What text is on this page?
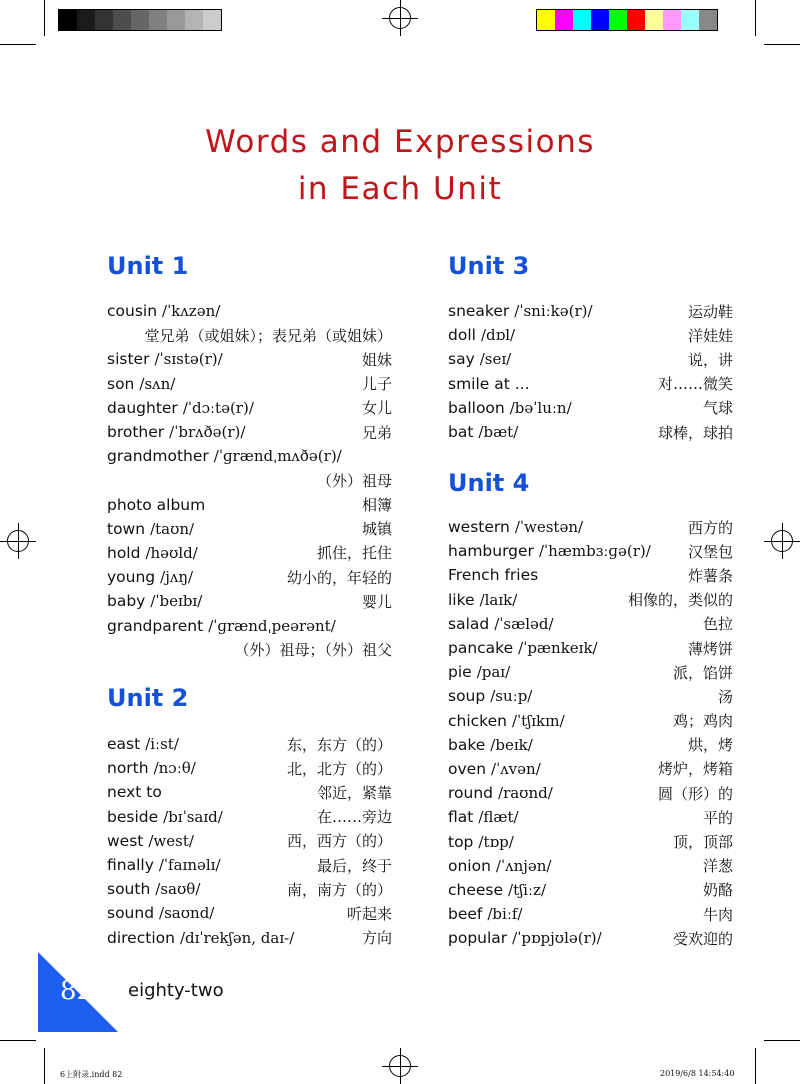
Words and Expressions
in Each Unit
Unit 1
cousin /ˈkʌzən/
堂兄弟（或姐妹）；表兄弟（或姐妹）
sister /ˈsɪstə(r)/	姐妹
son /sʌn/	儿子
daughter /ˈdɔːtə(r)/	女儿
brother /ˈbrʌðə(r)/	兄弟
grandmother /ˈɡrændˌmʌðə(r)/
（外）祖母
photo album	相簿
town /taʊn/	城镇
hold /həʊld/	抓住，托住
young /jʌŋ/	幼小的，年轻的
baby /ˈbeɪbɪ/	婴儿
grandparent /ˈɡrændˌpeərənt/
（外）祖母；（外）祖父
Unit 2
east /iːst/	东，东方（的）
north /nɔːθ/	北，北方（的）
next to	邻近，紧靠
beside /bɪˈsaɪd/	在……旁边
west /west/	西，西方（的）
finally /ˈfaɪnəlɪ/	最后，终于
south /saʊθ/	南，南方（的）
sound /saʊnd/	听起来
direction /dɪˈrekʃən, daɪ-/	方向
Unit 3
sneaker /ˈsniːkə(r)/	运动鞋
doll /dɒl/	洋娃娃
say /seɪ/	说，讲
smile at ...	对……微笑
balloon /bəˈluːn/	气球
bat /bæt/	球棒，球拍
Unit 4
western /ˈwestən/	西方的
hamburger /ˈhæmbɜːɡə(r)/ 汉堡包
French fries	炸薯条
like /laɪk/	相像的，类似的
salad /ˈsæləd/	色拉
pancake /ˈpænkeɪk/	薄烤饼
pie /paɪ/	派，馅饼
soup /suːp/	汤
chicken /ˈtʃɪkɪn/	鸡；鸡肉
bake /beɪk/	烘，烤
oven /ˈʌvən/	烤炉，烤箱
round /raʊnd/	圆（形）的
flat /flæt/	平的
top /tɒp/	顶，顶部
onion /ˈʌnjən/	洋葱
cheese /tʃiːz/	奶酪
beef /biːf/	牛肉
popular /ˈpɒpjʊlə(r)/	受欢迎的
82 eighty-two
6上附录.indd 82	2019/6/8 14:54:40
